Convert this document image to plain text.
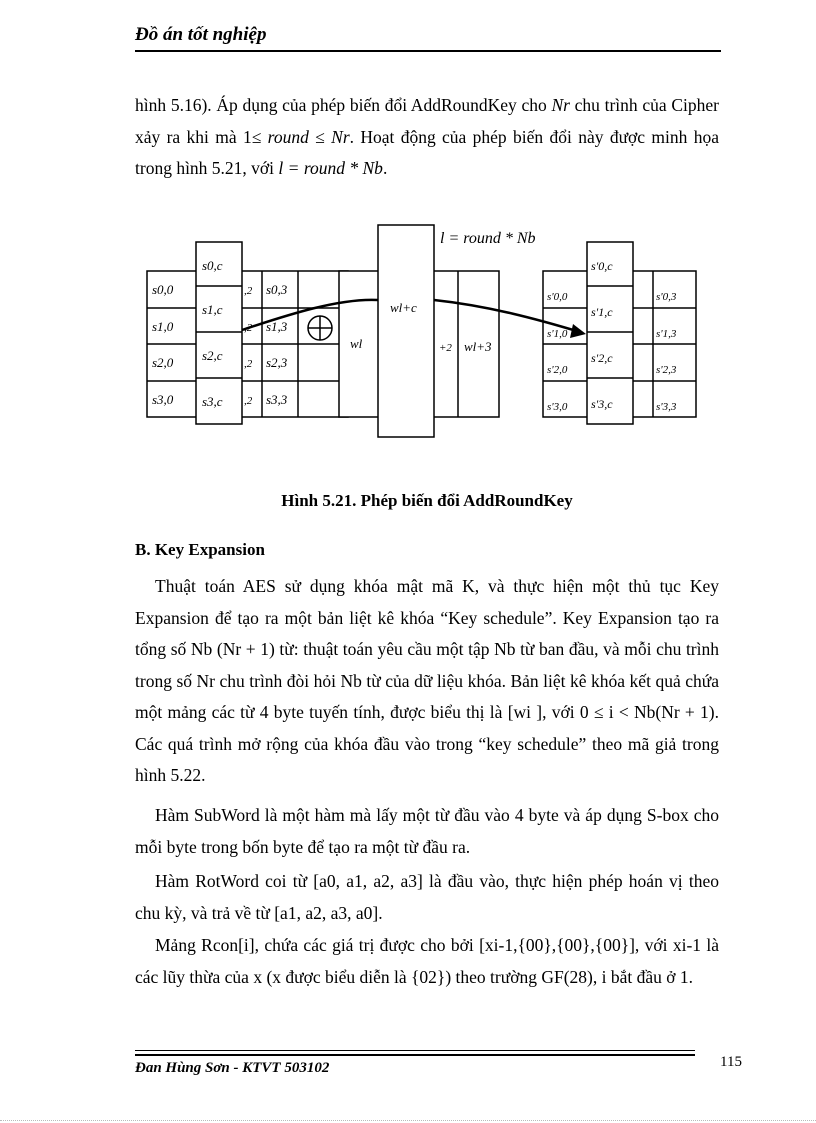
Đồ án tốt nghiệp
hình 5.16). Áp dụng của phép biến đổi AddRoundKey cho Nr chu trình của Cipher xảy ra khi mà 1≤ round ≤ Nr. Hoạt động của phép biến đổi này được minh họa trong hình 5.21, với l = round * Nb.
l = round * Nb
s0,0
s1,0
s2,0
s3,0
,2
,2
,2
,2
s0,3
s1,3
s2,3
s3,3
s0,c
s1,c
s2,c
s3,c
wl
wl+c
+2 wl+3
s'0,0
s'1,0
s'2,0
s'3,0
s'0,3
s'1,3
s'2,3
s'3,3
s'0,c
s'1,c
s'2,c
s'3,c
Hình 5.21. Phép biến đổi AddRoundKey
B. Key Expansion
Thuật toán AES sử dụng khóa mật mã K, và thực hiện một thủ tục Key Expansion để tạo ra một bản liệt kê khóa “Key schedule”. Key Expansion tạo ra tổng số Nb (Nr + 1) từ: thuật toán yêu cầu một tập Nb từ ban đầu, và mỗi chu trình trong số Nr chu trình đòi hỏi Nb từ của dữ liệu khóa. Bản liệt kê khóa kết quả chứa một mảng các từ 4 byte tuyến tính, được biểu thị là [wi ], với 0 ≤ i < Nb(Nr + 1). Các quá trình mở rộng của khóa đầu vào trong “key schedule” theo mã giả trong hình 5.22.
Hàm SubWord là một hàm mà lấy một từ đầu vào 4 byte và áp dụng S-box cho mỗi byte trong bốn byte để tạo ra một từ đầu ra.
Hàm RotWord coi từ [a0, a1, a2, a3] là đầu vào, thực hiện phép hoán vị theo chu kỳ, và trả về từ [a1, a2, a3, a0].
Mảng Rcon[i], chứa các giá trị được cho bởi [xi-1,{00},{00},{00}], với xi-1 là các lũy thừa của x (x được biểu diễn là {02}) theo trường GF(28), i bắt đầu ở 1.
Đan Hùng Sơn - KTVT 503102	115
